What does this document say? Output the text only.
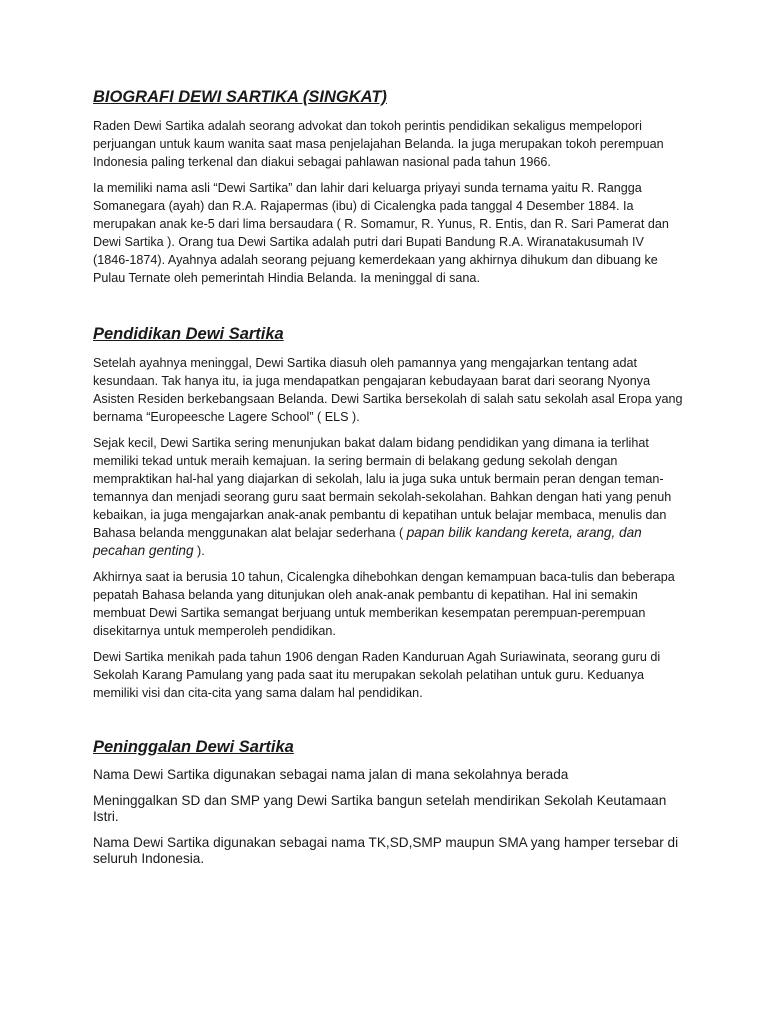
BIOGRAFI DEWI SARTIKA (SINGKAT)

Raden Dewi Sartika adalah seorang advokat dan tokoh perintis pendidikan sekaligus mempelopori perjuangan untuk kaum wanita saat masa penjelajahan Belanda. Ia juga merupakan tokoh perempuan Indonesia paling terkenal dan diakui sebagai pahlawan nasional pada tahun 1966.

Ia memiliki nama asli “Dewi Sartika” dan lahir dari keluarga priyayi sunda ternama yaitu R. Rangga Somanegara (ayah) dan R.A. Rajapermas (ibu) di Cicalengka pada tanggal 4 Desember 1884. Ia merupakan anak ke-5 dari lima bersaudara ( R. Somamur, R. Yunus, R. Entis, dan R. Sari Pamerat dan Dewi Sartika ). Orang tua Dewi Sartika adalah putri dari Bupati Bandung R.A. Wiranatakusumah IV (1846-1874). Ayahnya adalah seorang pejuang kemerdekaan yang akhirnya dihukum dan dibuang ke Pulau Ternate oleh pemerintah Hindia Belanda. Ia meninggal di sana.

Pendidikan Dewi Sartika

Setelah ayahnya meninggal, Dewi Sartika diasuh oleh pamannya yang mengajarkan tentang adat kesundaan. Tak hanya itu, ia juga mendapatkan pengajaran kebudayaan barat dari seorang Nyonya Asisten Residen berkebangsaan Belanda. Dewi Sartika bersekolah di salah satu sekolah asal Eropa yang bernama “Europeesche Lagere School” ( ELS ).

Sejak kecil, Dewi Sartika sering menunjukan bakat dalam bidang pendidikan yang dimana ia terlihat memiliki tekad untuk meraih kemajuan. Ia sering bermain di belakang gedung sekolah dengan mempraktikan hal-hal yang diajarkan di sekolah, lalu ia juga suka untuk bermain peran dengan teman-temannya dan menjadi seorang guru saat bermain sekolah-sekolahan. Bahkan dengan hati yang penuh kebaikan, ia juga mengajarkan anak-anak pembantu di kepatihan untuk belajar membaca, menulis dan Bahasa belanda menggunakan alat belajar sederhana ( papan bilik kandang kereta, arang, dan pecahan genting ).

Akhirnya saat ia berusia 10 tahun, Cicalengka dihebohkan dengan kemampuan baca-tulis dan beberapa pepatah Bahasa belanda yang ditunjukan oleh anak-anak pembantu di kepatihan. Hal ini semakin membuat Dewi Sartika semangat berjuang untuk memberikan kesempatan perempuan-perempuan disekitarnya untuk memperoleh pendidikan.

Dewi Sartika menikah pada tahun 1906 dengan Raden Kanduruan Agah Suriawinata, seorang guru di Sekolah Karang Pamulang yang pada saat itu merupakan sekolah pelatihan untuk guru. Keduanya memiliki visi dan cita-cita yang sama dalam hal pendidikan.

Peninggalan Dewi Sartika

Nama Dewi Sartika digunakan sebagai nama jalan di mana sekolahnya berada

Meninggalkan SD dan SMP yang Dewi Sartika bangun setelah mendirikan Sekolah Keutamaan Istri.

Nama Dewi Sartika digunakan sebagai nama TK,SD,SMP maupun SMA yang hamper tersebar di seluruh Indonesia.
